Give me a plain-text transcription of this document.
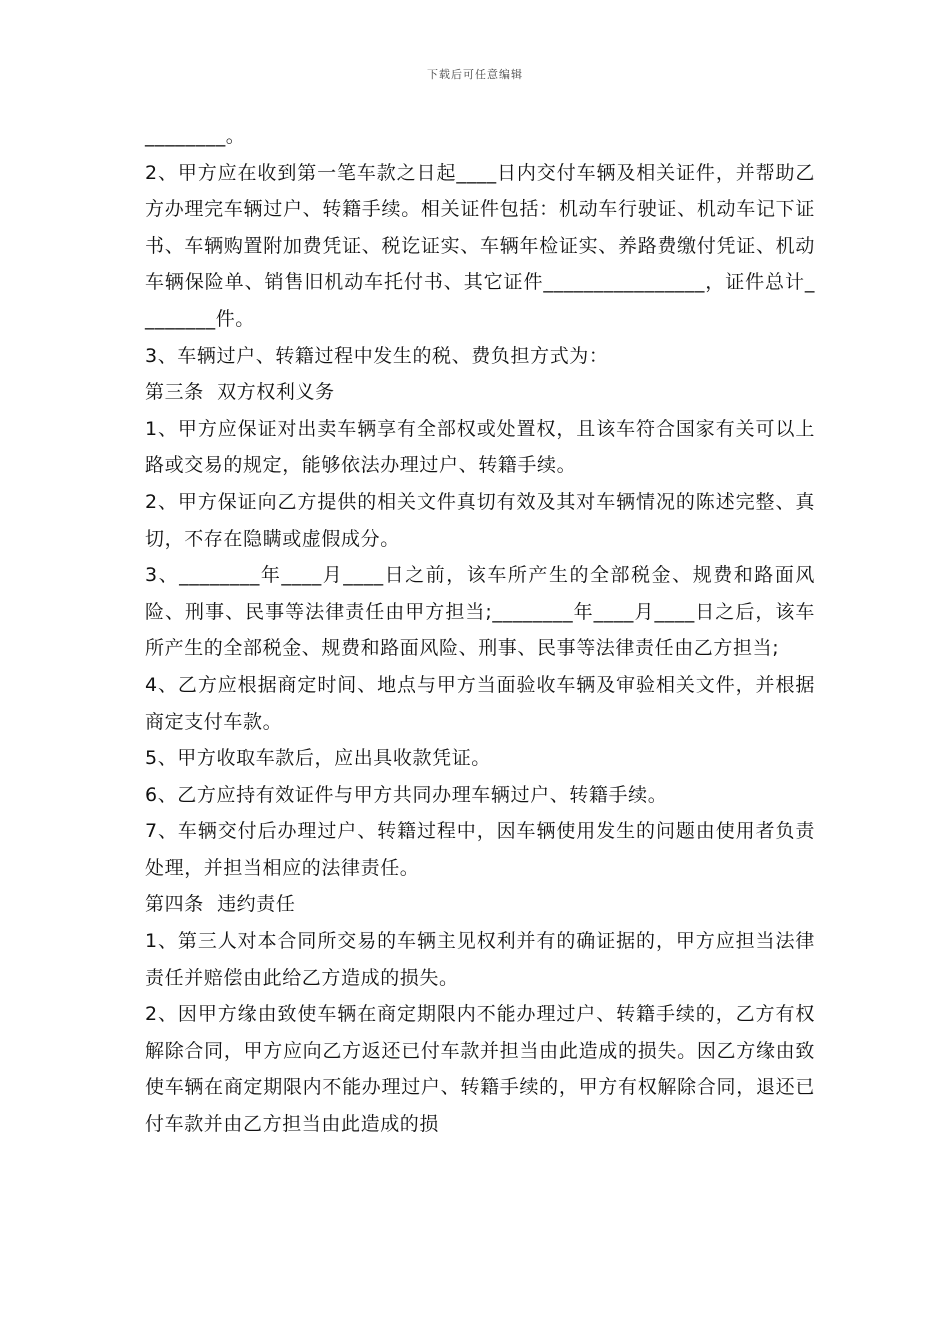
下载后可任意编辑

________。

2、甲方应在收到第一笔车款之日起____日内交付车辆及相关证件，并帮助乙方办理完车辆过户、转籍手续。相关证件包括：机动车行驶证、机动车记下证书、车辆购置附加费凭证、税讫证实、车辆年检证实、养路费缴付凭证、机动车辆保险单、销售旧机动车托付书、其它证件________________，证件总计________件。

3、车辆过户、转籍过程中发生的税、费负担方式为：

第三条  双方权利义务

1、甲方应保证对出卖车辆享有全部权或处置权，且该车符合国家有关可以上路或交易的规定，能够依法办理过户、转籍手续。

2、甲方保证向乙方提供的相关文件真切有效及其对车辆情况的陈述完整、真切，不存在隐瞒或虚假成分。

3、________年____月____日之前，该车所产生的全部税金、规费和路面风险、刑事、民事等法律责任由甲方担当;________年____月____日之后，该车所产生的全部税金、规费和路面风险、刑事、民事等法律责任由乙方担当;

4、乙方应根据商定时间、地点与甲方当面验收车辆及审验相关文件，并根据商定支付车款。

5、甲方收取车款后，应出具收款凭证。

6、乙方应持有效证件与甲方共同办理车辆过户、转籍手续。

7、车辆交付后办理过户、转籍过程中，因车辆使用发生的问题由使用者负责处理，并担当相应的法律责任。

第四条  违约责任

1、第三人对本合同所交易的车辆主见权利并有的确证据的，甲方应担当法律责任并赔偿由此给乙方造成的损失。

2、因甲方缘由致使车辆在商定期限内不能办理过户、转籍手续的，乙方有权解除合同，甲方应向乙方返还已付车款并担当由此造成的损失。因乙方缘由致使车辆在商定期限内不能办理过户、转籍手续的，甲方有权解除合同，退还已付车款并由乙方担当由此造成的损
